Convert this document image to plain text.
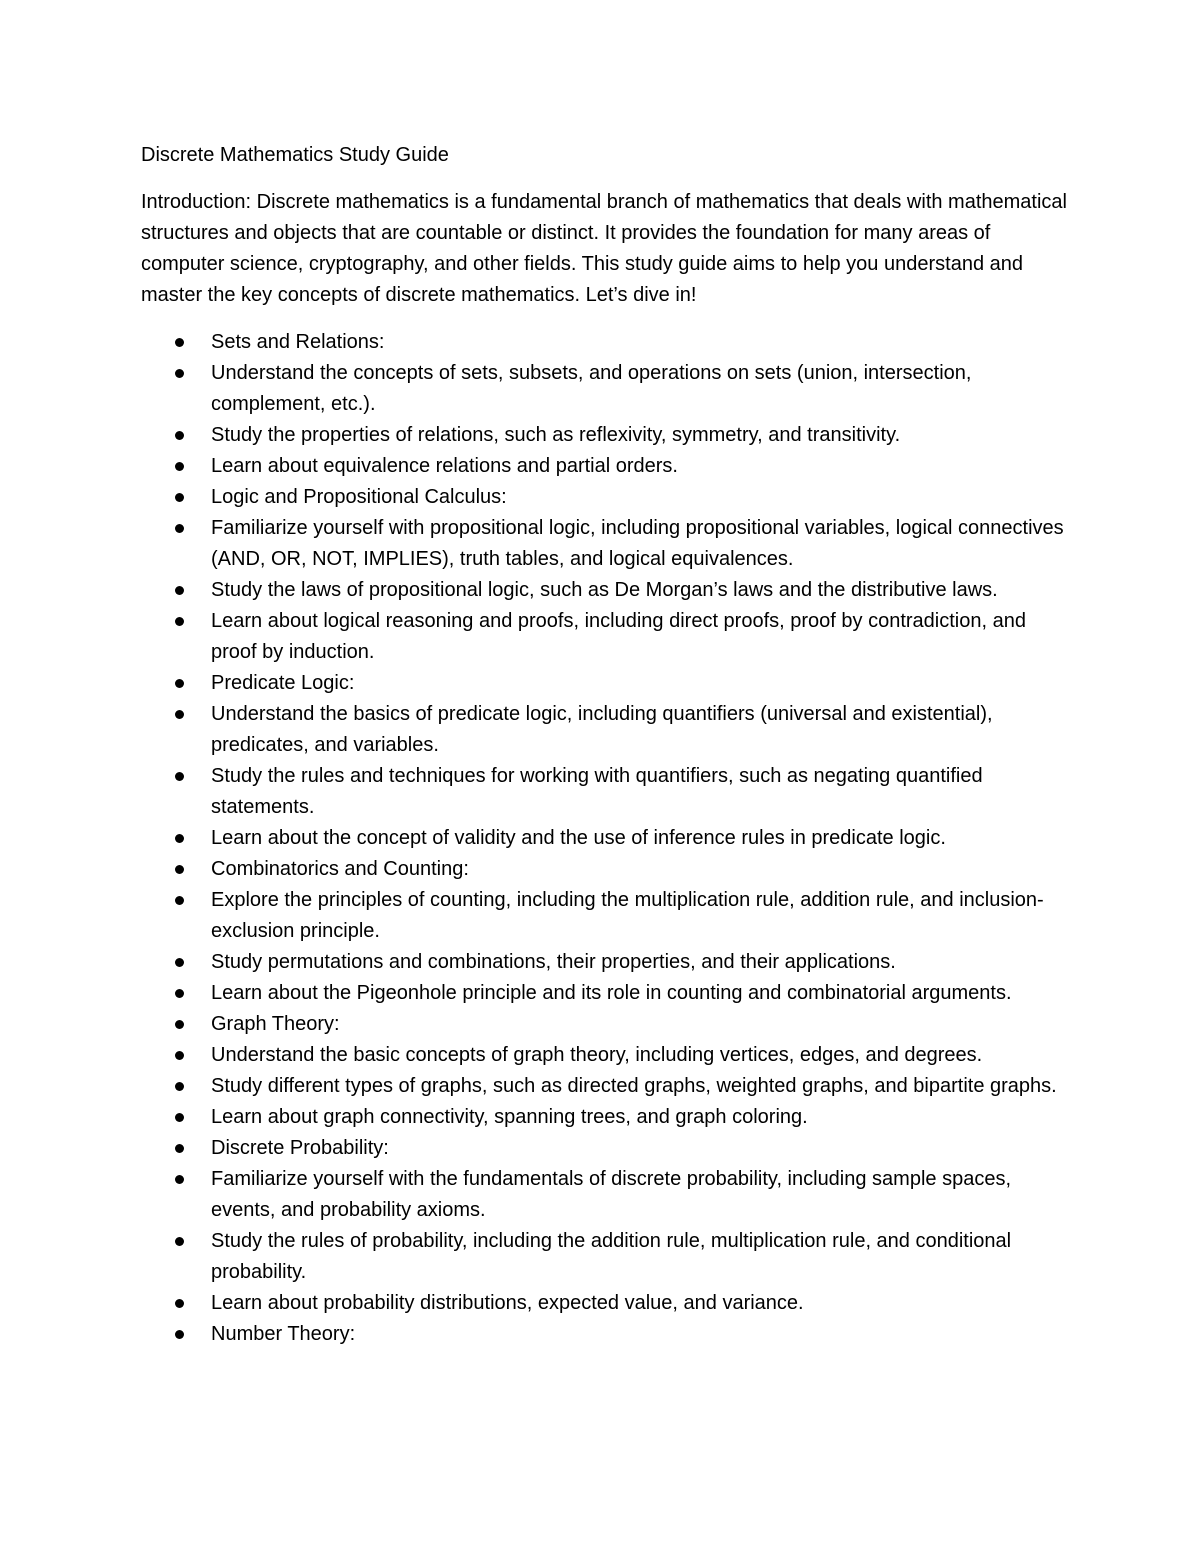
Discrete Mathematics Study Guide

Introduction: Discrete mathematics is a fundamental branch of mathematics that deals with mathematical structures and objects that are countable or distinct. It provides the foundation for many areas of computer science, cryptography, and other fields. This study guide aims to help you understand and master the key concepts of discrete mathematics. Let’s dive in!

Sets and Relations:
Understand the concepts of sets, subsets, and operations on sets (union, intersection, complement, etc.).
Study the properties of relations, such as reflexivity, symmetry, and transitivity.
Learn about equivalence relations and partial orders.
Logic and Propositional Calculus:
Familiarize yourself with propositional logic, including propositional variables, logical connectives (AND, OR, NOT, IMPLIES), truth tables, and logical equivalences.
Study the laws of propositional logic, such as De Morgan’s laws and the distributive laws.
Learn about logical reasoning and proofs, including direct proofs, proof by contradiction, and proof by induction.
Predicate Logic:
Understand the basics of predicate logic, including quantifiers (universal and existential), predicates, and variables.
Study the rules and techniques for working with quantifiers, such as negating quantified statements.
Learn about the concept of validity and the use of inference rules in predicate logic.
Combinatorics and Counting:
Explore the principles of counting, including the multiplication rule, addition rule, and inclusion-exclusion principle.
Study permutations and combinations, their properties, and their applications.
Learn about the Pigeonhole principle and its role in counting and combinatorial arguments.
Graph Theory:
Understand the basic concepts of graph theory, including vertices, edges, and degrees.
Study different types of graphs, such as directed graphs, weighted graphs, and bipartite graphs.
Learn about graph connectivity, spanning trees, and graph coloring.
Discrete Probability:
Familiarize yourself with the fundamentals of discrete probability, including sample spaces, events, and probability axioms.
Study the rules of probability, including the addition rule, multiplication rule, and conditional probability.
Learn about probability distributions, expected value, and variance.
Number Theory:
